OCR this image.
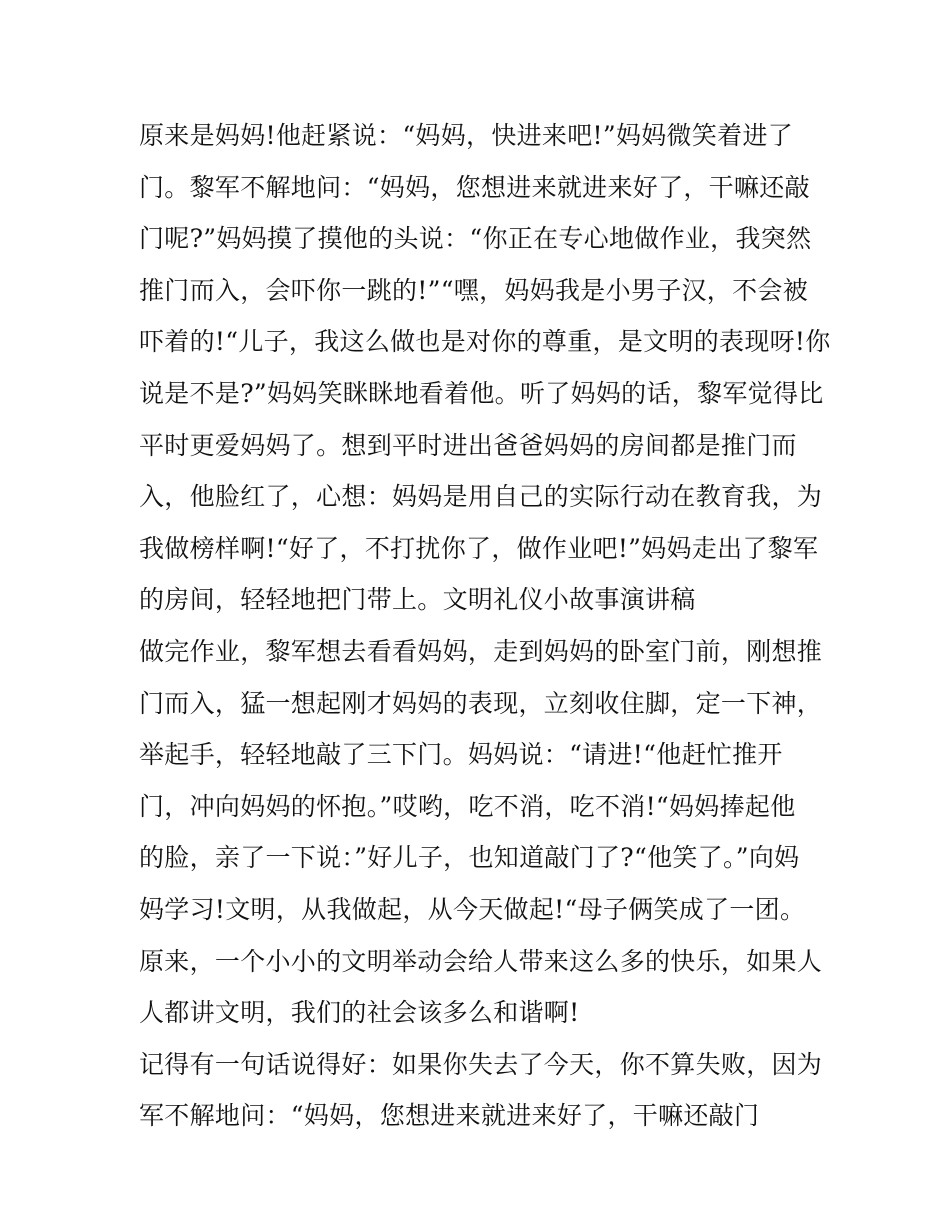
原来是妈妈!他赶紧说：“妈妈，快进来吧!”妈妈微笑着进了
门。黎军不解地问：“妈妈，您想进来就进来好了，干嘛还敲
门呢?”妈妈摸了摸他的头说：“你正在专心地做作业，我突然
推门而入，会吓你一跳的!”“嘿，妈妈我是小男子汉，不会被
吓着的!“儿子，我这么做也是对你的尊重，是文明的表现呀!你
说是不是?”妈妈笑眯眯地看着他。听了妈妈的话，黎军觉得比
平时更爱妈妈了。想到平时进出爸爸妈妈的房间都是推门而
入，他脸红了，心想：妈妈是用自己的实际行动在教育我，为
我做榜样啊!“好了，不打扰你了，做作业吧!”妈妈走出了黎军
的房间，轻轻地把门带上。文明礼仪小故事演讲稿
做完作业，黎军想去看看妈妈，走到妈妈的卧室门前，刚想推
门而入，猛一想起刚才妈妈的表现，立刻收住脚，定一下神，
举起手，轻轻地敲了三下门。妈妈说：“请进!“他赶忙推开
门，冲向妈妈的怀抱。”哎哟，吃不消，吃不消!“妈妈捧起他
的脸，亲了一下说：”好儿子，也知道敲门了?“他笑了。”向妈
妈学习!文明，从我做起，从今天做起!“母子俩笑成了一团。
原来，一个小小的文明举动会给人带来这么多的快乐，如果人
人都讲文明，我们的社会该多么和谐啊!
记得有一句话说得好：如果你失去了今天，你不算失败，因为
军不解地问：“妈妈，您想进来就进来好了，干嘛还敲门
